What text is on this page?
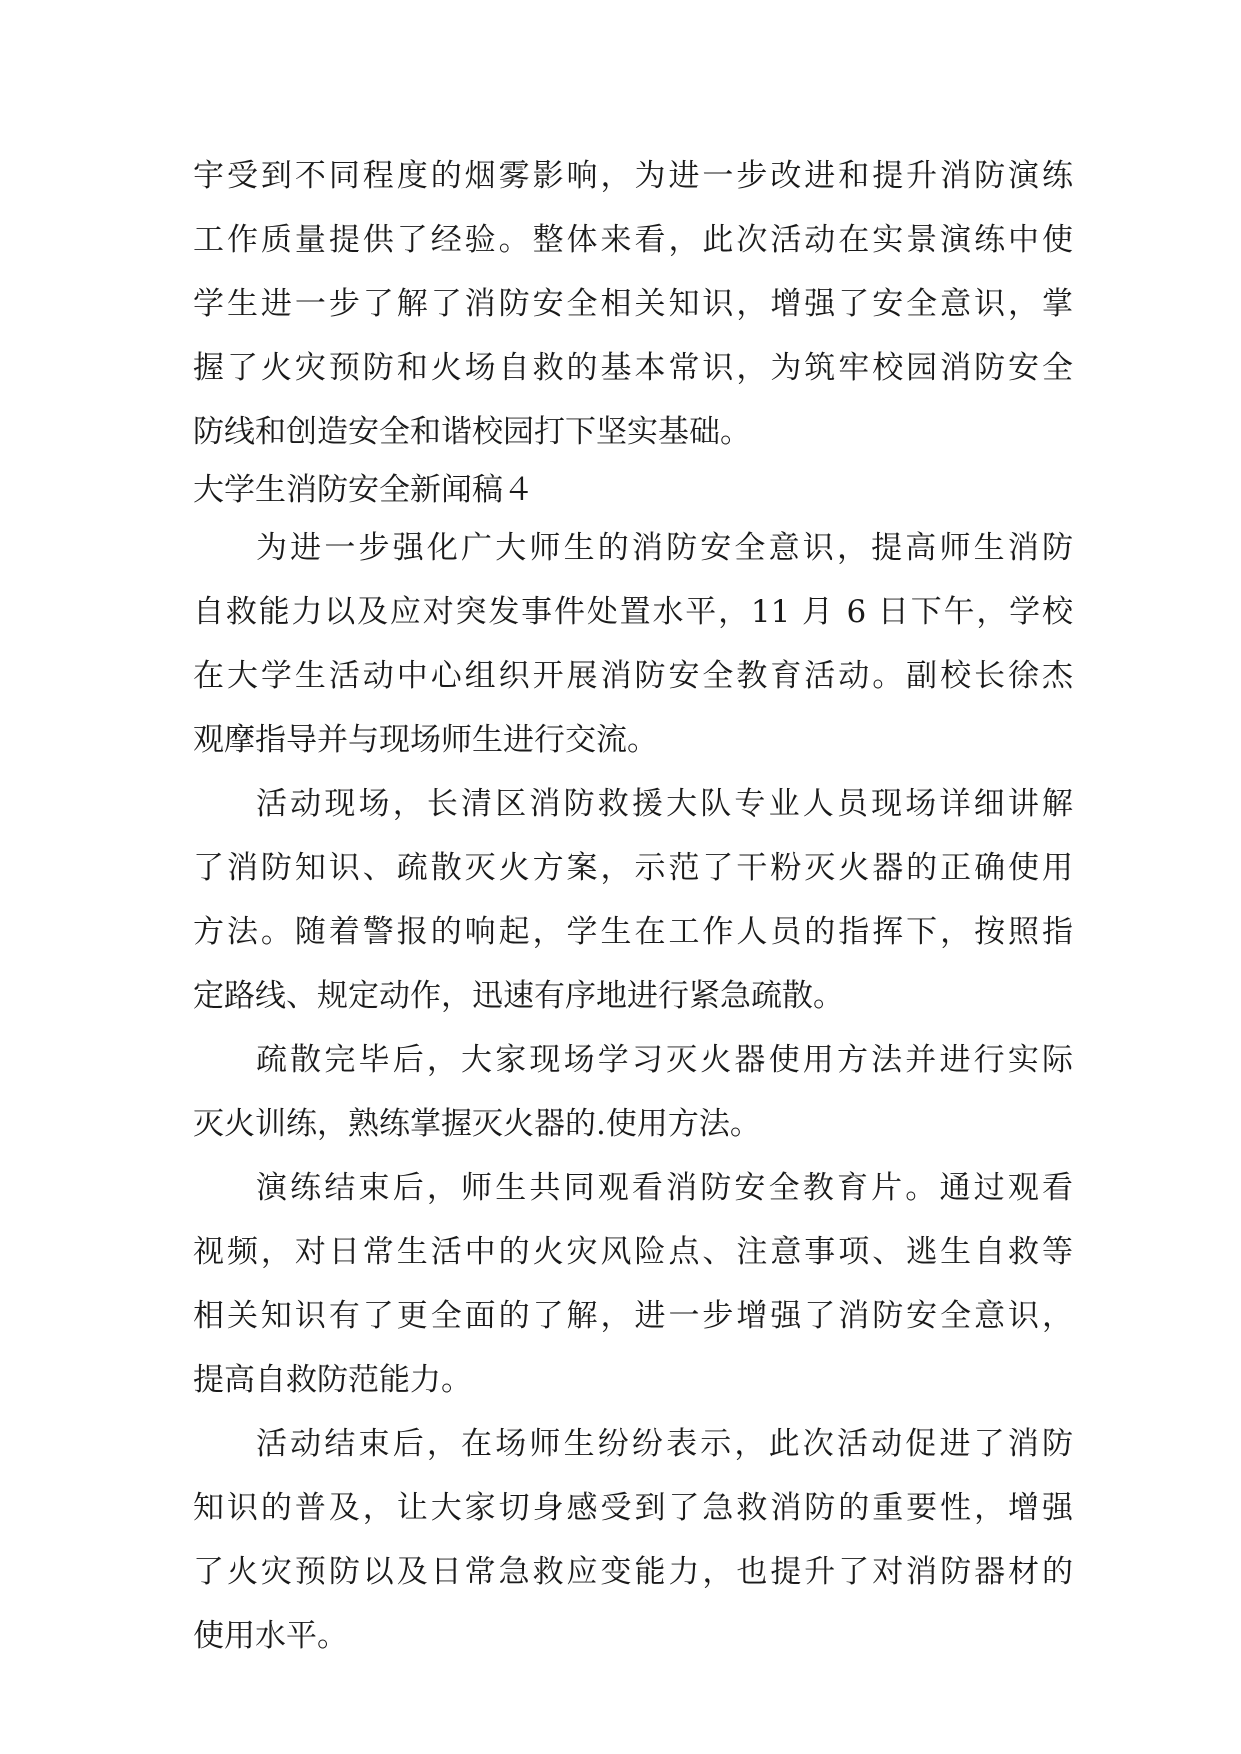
宇受到不同程度的烟雾影响，为进一步改进和提升消防演练
工作质量提供了经验。整体来看，此次活动在实景演练中使
学生进一步了解了消防安全相关知识，增强了安全意识，掌
握了火灾预防和火场自救的基本常识，为筑牢校园消防安全
防线和创造安全和谐校园打下坚实基础。
大学生消防安全新闻稿４
为进一步强化广大师生的消防安全意识，提高师生消防
自救能力以及应对突发事件处置水平，11 月 6 日下午，学校
在大学生活动中心组织开展消防安全教育活动。副校长徐杰
观摩指导并与现场师生进行交流。
活动现场，长清区消防救援大队专业人员现场详细讲解
了消防知识、疏散灭火方案，示范了干粉灭火器的正确使用
方法。随着警报的响起，学生在工作人员的指挥下，按照指
定路线、规定动作，迅速有序地进行紧急疏散。
疏散完毕后，大家现场学习灭火器使用方法并进行实际
灭火训练，熟练掌握灭火器的.使用方法。
演练结束后，师生共同观看消防安全教育片。通过观看
视频，对日常生活中的火灾风险点、注意事项、逃生自救等
相关知识有了更全面的了解，进一步增强了消防安全意识，
提高自救防范能力。
活动结束后，在场师生纷纷表示，此次活动促进了消防
知识的普及，让大家切身感受到了急救消防的重要性，增强
了火灾预防以及日常急救应变能力，也提升了对消防器材的
使用水平。
